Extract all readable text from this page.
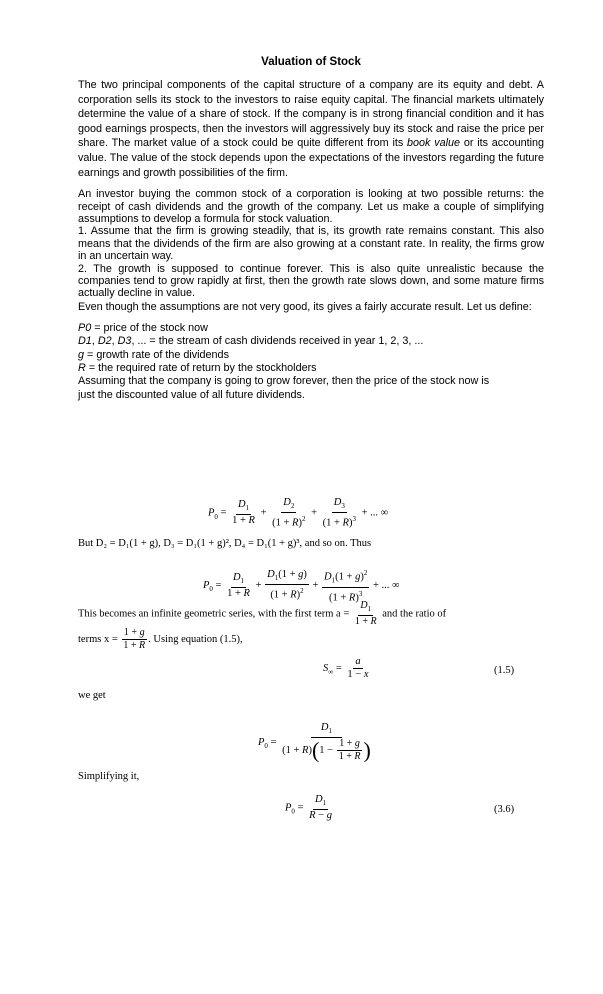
Valuation of Stock

The two principal components of the capital structure of a company are its equity and debt. A corporation sells its stock to the investors to raise equity capital. The financial markets ultimately determine the value of a share of stock. If the company is in strong financial condition and it has good earnings prospects, then the investors will aggressively buy its stock and raise the price per share. The market value of a stock could be quite different from its book value or its accounting value. The value of the stock depends upon the expectations of the investors regarding the future earnings and growth possibilities of the firm.

An investor buying the common stock of a corporation is looking at two possible returns: the receipt of cash dividends and the growth of the company. Let us make a couple of simplifying assumptions to develop a formula for stock valuation.
1. Assume that the firm is growing steadily, that is, its growth rate remains constant. This also means that the dividends of the firm are also growing at a constant rate. In reality, the firms grow in an uncertain way.
2. The growth is supposed to continue forever. This is also quite unrealistic because the companies tend to grow rapidly at first, then the growth rate slows down, and some mature firms actually decline in value.
Even though the assumptions are not very good, its gives a fairly accurate result. Let us define:
P0 = price of the stock now
D1, D2, D3, ... = the stream of cash dividends received in year 1, 2, 3, ...
g = growth rate of the dividends
R = the required rate of return by the stockholders
Assuming that the company is going to grow forever, then the price of the stock now is
just the discounted value of all future dividends.
$P_0 = \frac{D_1}{1 + R} + \frac{D_2}{(1 + R)^2} + \frac{D_3}{(1 + R)^3}$ + ... ∞
But D₂ = D₁(1 + g), D₃ = D₁(1 + g)², D₄ = D₁(1 + g)³, and so on. Thus
$P_0 = \frac{D_1}{1 + R} + \frac{D_1(1 + g)}{(1 + R)^2} + \frac{D_1(1 + g)^2}{(1 + R)^3}$ + ... ∞
This becomes an infinite geometric series, with the first term $a = \frac{D_1}{1 + R}$ and the ratio of
terms $x = \frac{1 + g}{1 + R}$ . Using equation (1.5),
$S_\infty = \frac{a}{1 - x}$	(1.5)
we get
$P_0 = \frac{D_1}{(1 + R)(1 - \frac{1 + g}{1 + R} )}$
Simplifying it,
$P_0 = \frac{D_1}{R - g}$	(3.6)
